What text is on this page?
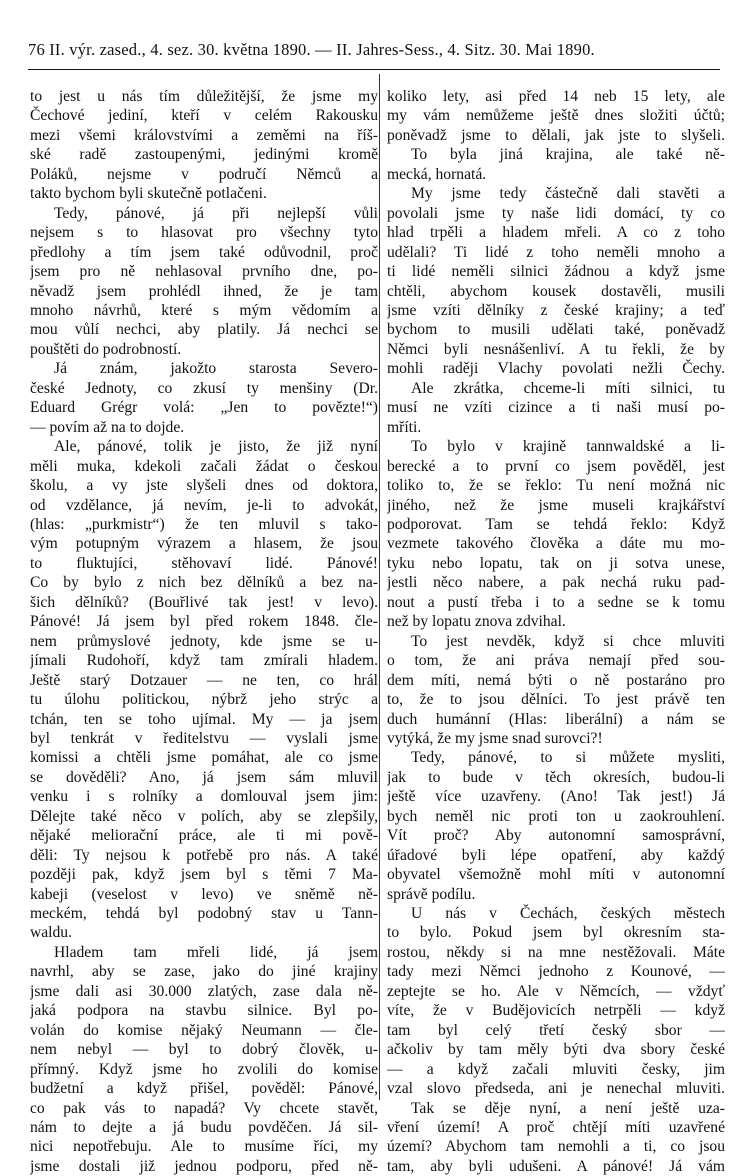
76 II. výr. zased., 4. sez. 30. května 1890. — II. Jahres-Sess., 4. Sitz. 30. Mai 1890.
to jest u nás tím důležitější, že jsme my
Čechové jediní, kteří v celém Rakousku
mezi všemi královstvími a zeměmi na říš-
ské radě zastoupenými, jedinými kromě
Poláků, nejsme v područí Němců a
takto bychom byli skutečně potlačeni.
Tedy, pánové, já při nejlepší vůli
nejsem s to hlasovat pro všechny tyto
předlohy a tím jsem také odůvodnil, proč
jsem pro ně nehlasoval prvního dne, po-
něvadž jsem prohlédl ihned, že je tam
mnoho návrhů, které s mým vědomím a
mou vůlí nechci, aby platily. Já nechci se
pouštěti do podrobností.
Já znám, jakožto starosta Severo-
české Jednoty, co zkusí ty menšiny (Dr.
Eduard Grégr volá: „Jen to povězte!“)
— povím až na to dojde.
Ale, pánové, tolik je jisto, že již nyní
měli muka, kdekoli začali žádat o českou
školu, a vy jste slyšeli dnes od doktora,
od vzdělance, já nevím, je-li to advokát,
(hlas: „purkmistr“) že ten mluvil s tako-
vým potupným výrazem a hlasem, že jsou
to fluktujíci, stěhovaví lidé. Pánové!
Co by bylo z nich bez dělníků a bez na-
šich dělníků? (Bouřlivé tak jest! v levo).
Pánové! Já jsem byl před rokem 1848. čle-
nem průmyslové jednoty, kde jsme se u-
jímali Rudohoří, když tam zmírali hladem.
Ještě starý Dotzauer — ne ten, co hrál
tu úlohu politickou, nýbrž jeho strýc a
tchán, ten se toho ujímal. My — ja jsem
byl tenkrát v ředitelstvu — vyslali jsme
komissi a chtěli jsme pomáhat, ale co jsme
se dověděli? Ano, já jsem sám mluvil
venku i s rolníky a domlouval jsem jim:
Dělejte také něco v polích, aby se zlepšily,
nějaké meliorační práce, ale ti mi pově-
děli: Ty nejsou k potřebě pro nás. A také
později pak, když jsem byl s těmi 7 Ma-
kabeji (veselost v levo) ve sněmě ně-
meckém, tehdá byl podobný stav u Tann-
waldu.
Hladem tam mřeli lidé, já jsem
navrhl, aby se zase, jako do jiné krajiny
jsme dali asi 30.000 zlatých, zase dala ně-
jaká podpora na stavbu silnice. Byl po-
volán do komise nějaký Neumann — čle-
nem nebyl — byl to dobrý člověk, u-
přímný. Když jsme ho zvolili do komise
budžetní a když přišel, pověděl: Pánové,
co pak vás to napadá? Vy chcete stavět,
nám to dejte a já budu povděčen. Já sil-
nici nepotřebuju. Ale to musíme říci, my
jsme dostali již jednou podporu, před ně-
koliko lety, asi před 14 neb 15 lety, ale
my vám nemůžeme ještě dnes složiti účtů;
poněvadž jsme to dělali, jak jste to slyšeli.
To byla jiná krajina, ale také ně-
mecká, hornatá.
My jsme tedy částečně dali stavěti a
povolali jsme ty naše lidi domácí, ty co
hlad trpěli a hladem mřeli. A co z toho
udělali? Ti lidé z toho neměli mnoho a
ti lidé neměli silnici žádnou a když jsme
chtěli, abychom kousek dostavěli, musili
jsme vzíti dělníky z české krajiny; a teď
bychom to musili udělati také, poněvadž
Němci byli nesnášenliví. A tu řekli, že by
mohli raději Vlachy povolati nežli Čechy.
Ale zkrátka, chceme-li míti silnici, tu
musí ne vzíti cizince a ti naši musí po-
mříti.
To bylo v krajině tannwaldské a li-
berecké a to první co jsem pověděl, jest
toliko to, že se řeklo: Tu není možná nic
jiného, než že jsme museli krajkářství
podporovat. Tam se tehdá řeklo: Když
vezmete takového člověka a dáte mu mo-
tyku nebo lopatu, tak on ji sotva unese,
jestli něco nabere, a pak nechá ruku pad-
nout a pustí třeba i to a sedne se k tomu
než by lopatu znova zdvihal.
To jest nevděk, když si chce mluviti
o tom, že ani práva nemají před sou-
dem míti, nemá býti o ně postaráno pro
to, že to jsou dělníci. To jest právě ten
duch humánní (Hlas: liberální) a nám se
vytýká, že my jsme snad surovci?!
Tedy, pánové, to si můžete mysliti,
jak to bude v těch okresích, budou-li
ještě více uzavřeny. (Ano! Tak jest!) Já
bych neměl nic proti ton u zaokrouhlení.
Vít proč? Aby autonomní samosprávní,
úřadové byli lépe opatření, aby každý
obyvatel všemožně mohl míti v autonomní
správě podílu.
U nás v Čechách, českých městech
to bylo. Pokud jsem byl okresním sta-
rostou, někdy si na mne nestěžovali. Máte
tady mezi Němci jednoho z Kounové, —
zeptejte se ho. Ale v Němcích, — vždyť
víte, že v Budějovicích netrpěli — když
tam byl celý třetí český sbor —
ačkoliv by tam měly býti dva sbory české
— a když začali mluviti česky, jim
vzal slovo předseda, ani je nenechal mluviti.
Tak se děje nyní, a není ještě uza-
vření území! A proč chtějí míti uzavřené
území? Abychom tam nemohli a ti, co jsou
tam, aby byli udušeni. A pánové! Já vám
